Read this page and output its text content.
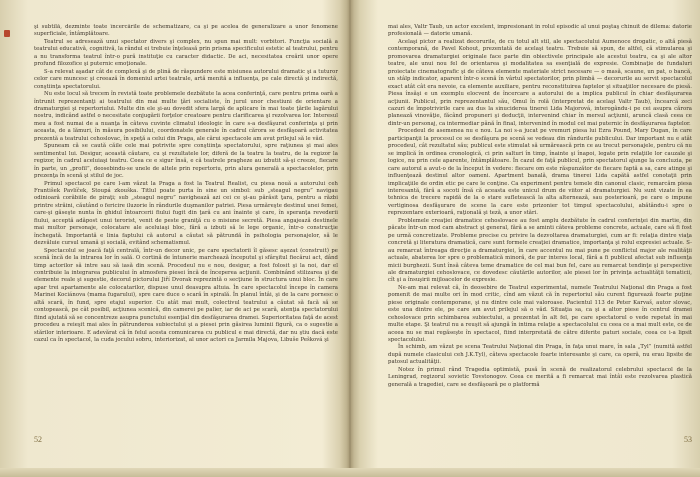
şi subtilă, dezminte toate încercările de schematizare, ca şi pe acelea de generalizare a unor fenomene superficiale, întâmplătoare.

Teatrul se adresează unui spectator divers şi complex, nu spun mai mult: vorbitori. Funcţia socială a teatrului educativă, cognitivă, la rândul ei trebuie înţeleasă prin prisma specificului estetic al teatrului, pentru a nu transforma teatrul într-o pură instituţie cu caracter didactic. De aci, necesitatea creării unor opere profund filozofice şi puternic emoţionale.

S-a relevat aşadar cât de complexă şi de plină de răspundere este misiunea autorului dramatic şi a tuturor celor care muncesc şi creează în domeniul artei teatrale, artă menită a influenţa, pe cale directă şi indirectă, conştiinţa spectatorului.

Nu este locul să trecem în revistă toate problemele dezbătute la acea conferinţă, care pentru prima oară a întrunit reprezentanţi ai teatrului din mai multe ţări socialiste, în jurul unor chestiuni de orientare a dramaturgiei şi repertoriului. Multe din ele şi-au dovedit sfera largă de aplicare în mai toate ţările lagărului nostru, indicând astfel o necesitate conjugării forţelor creatoare pentru clarificarea şi rezolvarea lor. Interesul meu a fost numai de a nuanţa în câteva cuvinte climatul ideologic în care s-a desfăşurat conferinţa şi prin aceasta, de a lămuri, în măsura posibilului, coordonatele generale în cadrul cărora se desfăşoară activitatea prezentă a teatrului cehoslovac, în speţă a celui din Praga, ale cărui spectacole am avut prilejul să le văd.

Spuneam că se caută căile cele mai potrivite spre conştiinţa spectatorului, spre raţiunea şi mai ales sentimentul lui. Desigur, această căutare, cu şi rezultatele lor, diferă de la teatru la teatru, de la regizor la regizor, în cadrul aceluiaşi teatru. Ceea ce e sigur însă, e că teatrele pragheze au izbutit să-şi creeze, fiecare în parte, un „profil”, deosebindu-se unele de altele prin repertoriu, prin alura generală a spectacolelor, prin prezenţa în scenă şi stilul de joc.

Primul spectacol pe care l-am văzut la Praga a fost la Teatrul Realist, cu piesa nouă a autorului ceh František Pavlíček, Stoupá zkouška. Titlul poate purta în sine un simbol: sub „steagul negru” navigau odinioară corăbiile de piraţi; sub „steagul negru” navighează azi cei ce şi-au părăsit ţara, pentru a răzbi printre străini, căutând o fericire iluzorie în rândurile duşmanilor patriei. Piesa urmăreşte destinul unei femei, care-şi găseşte nunta în ghidul întoarcerii fiului fugit din ţară cu ani înainte şi care, în speranţa revederii fiului, acceptă adăpost unui terorist, venit de peste graniţă cu o misiune secretă. Piesa angajează destinele mai multor personaje, colocatare ale aceluiaşi bloc, fără a izbuti să le lege organic, într-o construcţie închegată. Importantă e linia faptului că autorul a căutat să pătrundă în psihologia personajelor, să le dezvăluie cursul umană şi socială, evitând schematismul.

Spectacolul se joacă faţă centrală, într-un decor unic, pe care spectatorii îl găsesc aşezat (construit) pe scenă încă de la intrarea lor în sală. O cortină de întunerie marchează începutul şi sfârşitul fiecărui act, dând timp actorilor să intre sau să iasă din scenă. Procedeul nu e nou, desigur, a fost folosit şi la noi, dar el contribuie la integrarea publicului în atmosfera piesei încă de începerea acţiunii. Combinând stilizarea şi de elemente reale şi sugestie, decorul pictorului Jiří Dvorak reprezintă o secţiune în structura unui bloc. În care apar trei apartamente ale colocatarilor, dispuse unul deasupra altuia. În care spectacolul începe în camera Marinei Kociánova (mama fugarului), spre care duce o scară în spirală. În planul întâi, şi de la care pornesc o altă scară, în fund, spre etajul superior. Cu atât mai mult, colectivul teatrului a căutat să facă să se contopească, pe cât posibil, acţiunea scenică, din camerei pe palier, iar de aci pe scară, atenţia spectatorului fiind ajutată să se concentreze asupra punctului esenţial din desfăşurarea dramei. Superioritatea faţă de acest procedeu a reieşit mai ales în pătrunderea subiectului şi a piesei prin găsirea luminii figură, ca o sugestie a stărilor interioare. E adevărat că în felul acesta comunicarea cu publicul e mai directă, dar nu ştiu dacă este cazul ca în spectacol, la cuda jocului sobru, interiorizat, al unor actori ca Jarmila Majova, Libuše Pešková şi

52

mai ales, Valtr Taub, un actor excelent, impresionant în rolul episodic al unui poştaş chinuit de dilema: datorie profesională — datorie umană.

Acelaşi pictor a realizat decorurile, de cu totul alt stil, ale spectacolului Aumenoce drogatic, o altă piesă contemporană, de Pavel Kohout, prezentată de acelaşi teatru. Trebuie să spun, de altfel, că stimularea şi promovarea dramaturgiei originale face parte din obiectivele principale ale acestui teatru, ca şi ale altor teatre, ale unui nou fel de orientarea şi modalitatea sa esenţială de expresie. Combinaţie de fundaluri proiectate cinematografic şi de câteva elemente materiale strict necesare — o masă, scaune, un pat, o bancă, un stâlp indicator, aparent într-o scenă în vârtul spectatorilor, prin plimbă — decorurile au servit spectacolul exact atât cât era nevoie, ca elemente auxiliare, pentru reconstituirea faptelor şi situaţiilor necesare de piesă. Piesa însăşi e un exemplu elocvent de încercare a autorului de a implica publicul în chiar desfăşurarea acţiunii. Publicul, prin reprezentantul său, Omul în rolă (interpretat de acelaşi Valtr Taub), încearcă zeci cazuri de împotrivirile care au dus la sinuciderea tinerei Lida Majorová, interogându-i pe cei asupra cărora planează vinovăţie, făcând propuneri şi deducţii, intervenind chiar în mersul acţiunii, aruncă clasă ceea ce dintr-un personaj, ca intermediar până în final, intervenind în modul cel mai puternic în desfăşurarea faptelor.

Procedeul de asemenea nu e nou. La noi s-a jucat pe vremuri piesa lui Ezra Pound, Mary Dugan, în care participanţii la procesul ce se desfăşura pe scenă se vedeau din rândurile publicului. Dar important nu e atât procedeul, cât rezultatul său; publicul este stimulat să urmărească prin ce au trecut personajele, pentru că nu se implică în ordinea cronologică, ci prin salturi în timp, înainte şi înapoi, legate prin relaţiile lor cauzale şi logice, nu prin cele aparente, întâmplătoare. În cazul de faţă publicul, prin spectatorul ajunge la concluzia, pe care autorul a avut-o de la început în vedere: fiecare om este răspunzător de fiecare faptă a sa, care atinge şi influenţează destinul altor oameni. Apartment banală, drama tinerei Lida capătă astfel conotaţii prin implicaţiile de ordin etic pe care le conţine. Ca experiment pentru temele din canonul clasic, remarcăm piesa interesantă, fără a socoti însă că aceasta este unicul drum de viitor al dramaturgiei. Nu sunt vizate în ea tehnica de trecere rapidă de la o stare sufletească la alta alternează, sau posterioară, pe care o impune vertiginosa desfăşurare de scene la care este prizonier tot timpul spectacolului, abătându-i spre o reprezentare exterioară, raţională şi teză, a unor stări.

Problemele creaţiei dramatice cehoslovace au fost amplu dezbătute în cadrul conferinţei din martie, din păcate într-un mod cam abstract şi general, fără a se aminti câteva probleme concrete, actuale, care să fi fost pe urmă concretizate. Probleme precise cu privire la dezvoltarea dramaturgiei, cum ar fi: relaţia dintre viaţa concretă şi literatura dramatică, care sunt formele creaţiei dramatice, importanţa şi rolul expresiei actuale. S-au remarcat întreaga direcţie a dramaturgiei, în care accentul nu mai pune pe conflictul major ale realităţii actuale, abaterea lor spre o problematică minoră, de pur interes local, fără a fi publicul afectat sub influenţa micii burghezii. Sunt însă câteva teme dramatice de cel mai bun fel, care au remarcat tendinţe şi perspective ale dramaturgiei cehoslovace, ce dovedesc căutările autorilor, ale piesei lor în privinţa actualităţii tematicii, cît şi a însuşirii mijloacelor de expresie.

Ne-am mai relevat că, în deosebire de Teatrul experimental, numele Teatrului Naţional din Praga a fost pomenit de mai multe ori în mod critic, cînd am văzut că în repertoriul său curent figurează foarte puţine piese originale contemporane, şi nu dintre cele mai valoroase. Pacientul 113 de Peter Karvaš, autor slovac, este una dintre ele, pe care am avut prilejul să o văd. Situaţia sa, ca şi a altor piese în centrul dramei cehoslovace prin schimbarea subiectului, a prezentat în alt fel, pe care spectatorul o vede repetat în mai multe etape. Şi teatrul nu a reuşit să ajungă în intima relaţie a spectacolului cu ceea ce a mai mult este, ce de aceea nu se mai regăseşte în spectacol, fiind interpretată de către diferite paturi sociale, ceea ce i-a lipsit spectacolului.

În schimb, am văzut pe scena Teatrului Naţional din Praga, în faţa unui mare, în sala „Tyl” (numită astfel după numele clasicului ceh J.K.Tyl), câteva spectacole foarte interesante şi care, ca operă, nu erau lipsite de patosul actualităţii.

Notez în primul rând Tragedia optimistă, pusă în scenă de realizatorul celebrului spectacol de la Leningrad, regizorul sovietic Tovstonogov. Ceea ce merită a fi remarcat mai întâi este rezolvarea plastică generală a tragediei, care se desfăşoară pe o platformă

53
